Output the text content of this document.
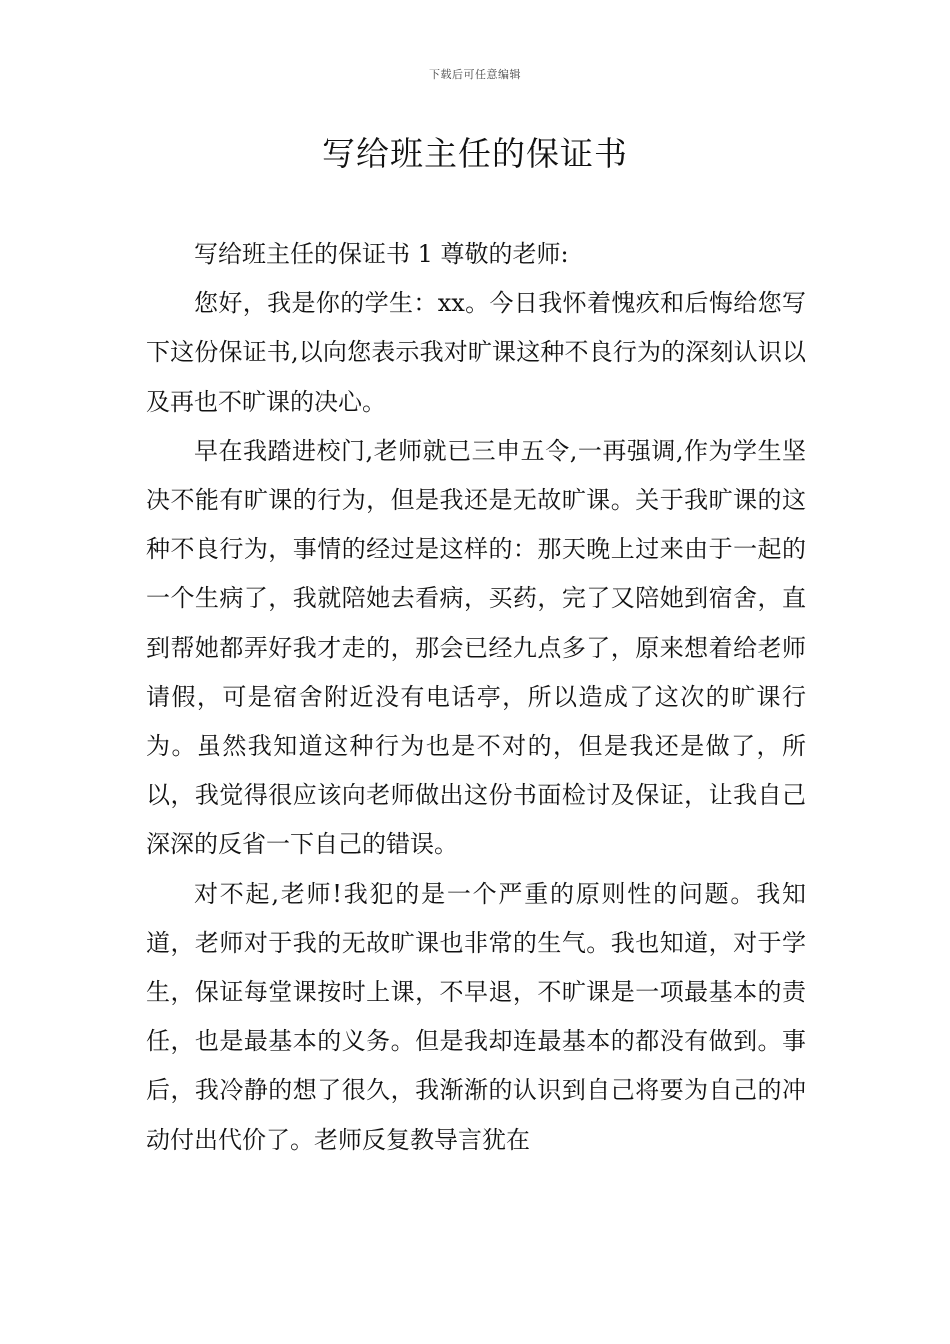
下载后可任意编辑
写给班主任的保证书

写给班主任的保证书 1 尊敬的老师:

您好，我是你的学生：xx。今日我怀着愧疚和后悔给您写下这份保证书,以向您表示我对旷课这种不良行为的深刻认识以及再也不旷课的决心。

早在我踏进校门,老师就已三申五令,一再强调,作为学生坚决不能有旷课的行为，但是我还是无故旷课。关于我旷课的这种不良行为，事情的经过是这样的：那天晚上过来由于一起的一个生病了，我就陪她去看病，买药，完了又陪她到宿舍，直到帮她都弄好我才走的，那会已经九点多了，原来想着给老师请假，可是宿舍附近没有电话亭，所以造成了这次的旷课行为。虽然我知道这种行为也是不对的，但是我还是做了，所以，我觉得很应该向老师做出这份书面检讨及保证，让我自己深深的反省一下自己的错误。

对不起,老师!我犯的是一个严重的原则性的问题。我知道，老师对于我的无故旷课也非常的生气。我也知道，对于学生，保证每堂课按时上课，不早退，不旷课是一项最基本的责任，也是最基本的义务。但是我却连最基本的都没有做到。事后，我冷静的想了很久，我渐渐的认识到自己将要为自己的冲动付出代价了。老师反复教导言犹在
